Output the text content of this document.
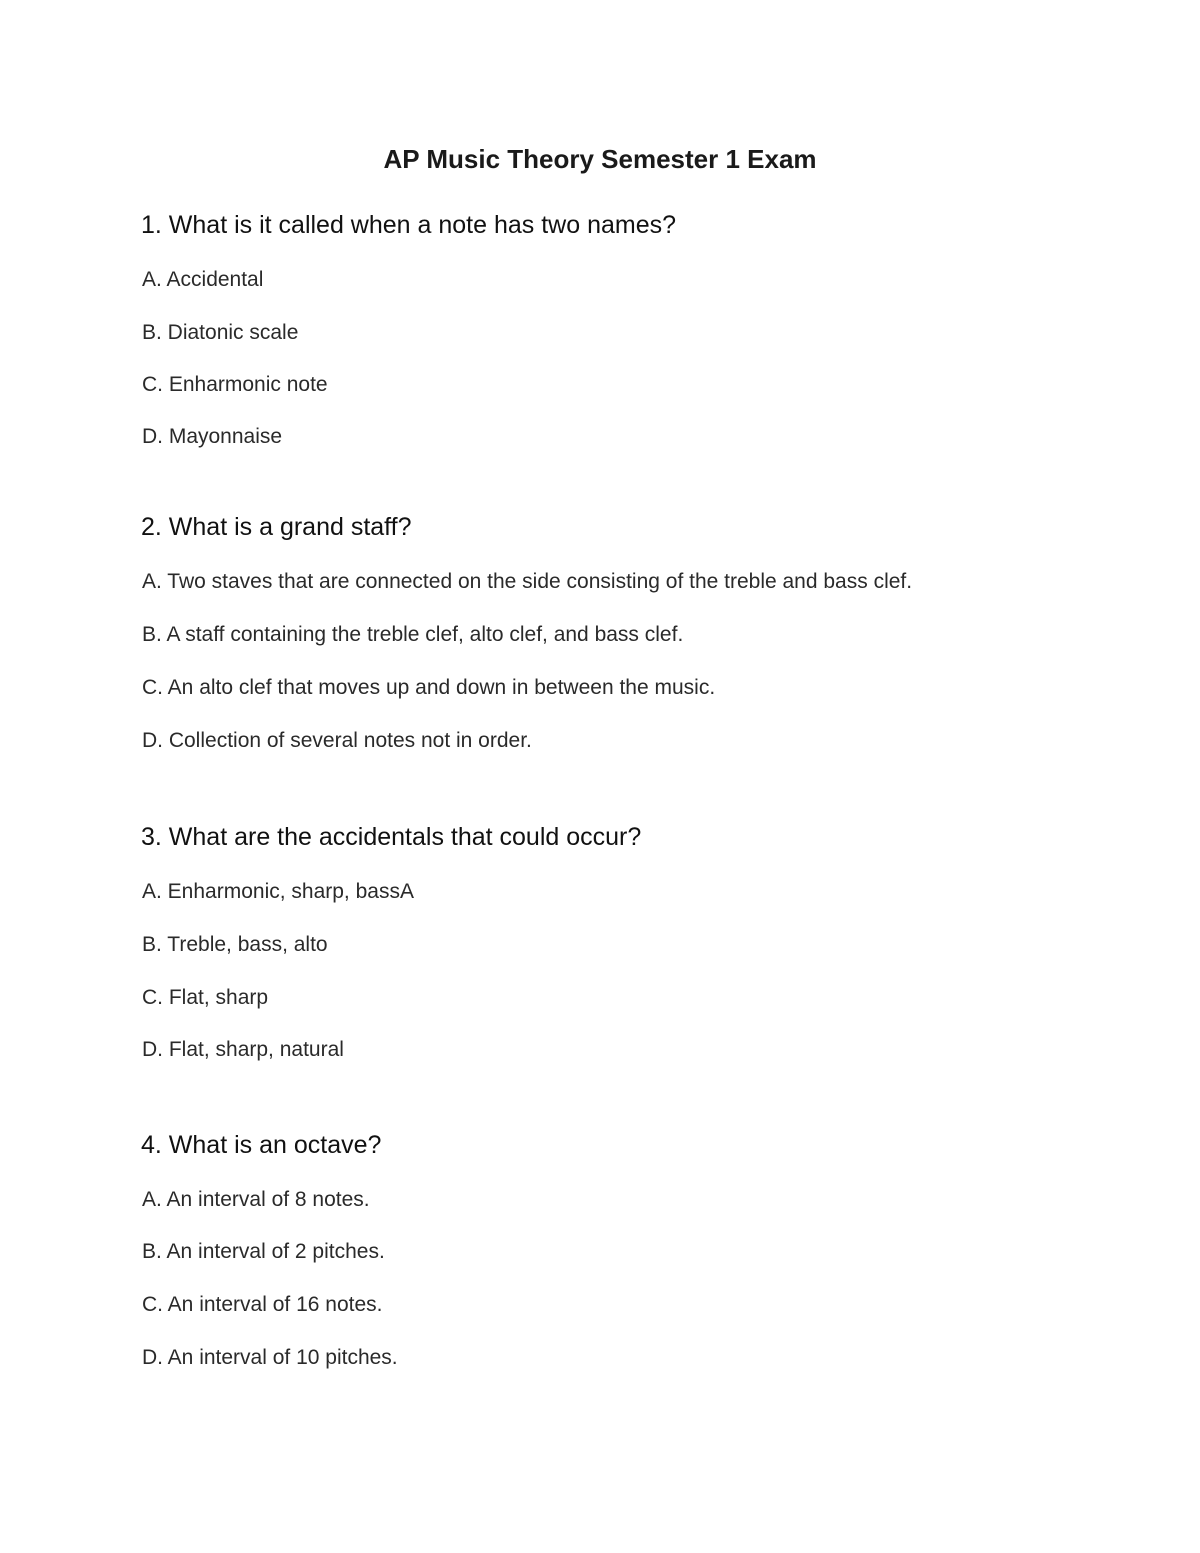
AP Music Theory Semester 1 Exam
1. What is it called when a note has two names?
A. Accidental
B. Diatonic scale
C. Enharmonic note
D. Mayonnaise
2. What is a grand staff?
A. Two staves that are connected on the side consisting of the treble and bass clef.
B. A staff containing the treble clef, alto clef, and bass clef.
C. An alto clef that moves up and down in between the music.
D. Collection of several notes not in order.
3. What are the accidentals that could occur?
A. Enharmonic, sharp, bassA
B. Treble, bass, alto
C. Flat, sharp
D. Flat, sharp, natural
4. What is an octave?
A. An interval of 8 notes.
B. An interval of 2 pitches.
C. An interval of 16 notes.
D. An interval of 10 pitches.
